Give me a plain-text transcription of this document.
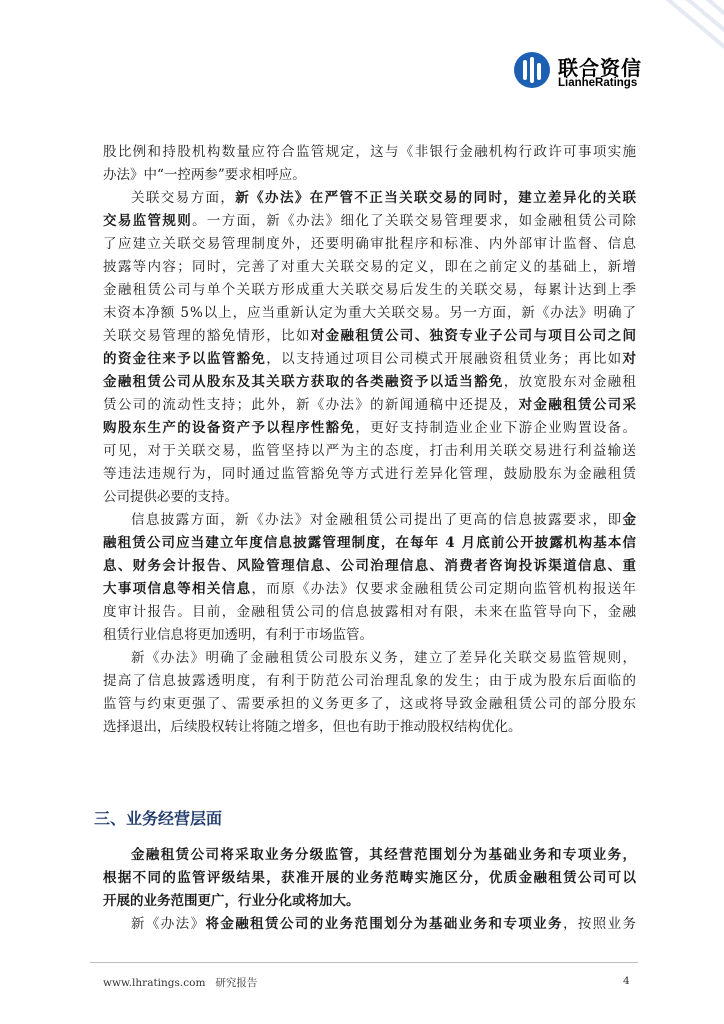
联合资信
LianheRatings

股比例和持股机构数量应符合监管规定，这与《非银行金融机构行政许可事项实施

办法》中“一控两参”要求相呼应。

关联交易方面，新《办法》在严管不正当关联交易的同时，建立差异化的关联

交易监管规则。一方面，新《办法》细化了关联交易管理要求，如金融租赁公司除

了应建立关联交易管理制度外，还要明确审批程序和标准、内外部审计监督、信息

披露等内容；同时，完善了对重大关联交易的定义，即在之前定义的基础上，新增

金融租赁公司与单个关联方形成重大关联交易后发生的关联交易，每累计达到上季

末资本净额 5%以上，应当重新认定为重大关联交易。另一方面，新《办法》明确了

关联交易管理的豁免情形，比如对金融租赁公司、独资专业子公司与项目公司之间

的资金往来予以监管豁免，以支持通过项目公司模式开展融资租赁业务；再比如对

金融租赁公司从股东及其关联方获取的各类融资予以适当豁免，放宽股东对金融租

赁公司的流动性支持；此外，新《办法》的新闻通稿中还提及，对金融租赁公司采

购股东生产的设备资产予以程序性豁免，更好支持制造业企业下游企业购置设备。

可见，对于关联交易，监管坚持以严为主的态度，打击利用关联交易进行利益输送

等违法违规行为，同时通过监管豁免等方式进行差异化管理，鼓励股东为金融租赁

公司提供必要的支持。

信息披露方面，新《办法》对金融租赁公司提出了更高的信息披露要求，即金

融租赁公司应当建立年度信息披露管理制度，在每年 4 月底前公开披露机构基本信

息、财务会计报告、风险管理信息、公司治理信息、消费者咨询投诉渠道信息、重

大事项信息等相关信息，而原《办法》仅要求金融租赁公司定期向监管机构报送年

度审计报告。目前，金融租赁公司的信息披露相对有限，未来在监管导向下，金融

租赁行业信息将更加透明，有利于市场监管。

新《办法》明确了金融租赁公司股东义务，建立了差异化关联交易监管规则，

提高了信息披露透明度，有利于防范公司治理乱象的发生；由于成为股东后面临的

监管与约束更强了、需要承担的义务更多了，这或将导致金融租赁公司的部分股东

选择退出，后续股权转让将随之增多，但也有助于推动股权结构优化。

三、业务经营层面

金融租赁公司将采取业务分级监管，其经营范围划分为基础业务和专项业务，

根据不同的监管评级结果，获准开展的业务范畴实施区分，优质金融租赁公司可以

开展的业务范围更广，行业分化或将加大。

新《办法》将金融租赁公司的业务范围划分为基础业务和专项业务，按照业务

www.lhratings.com 研究报告	4
